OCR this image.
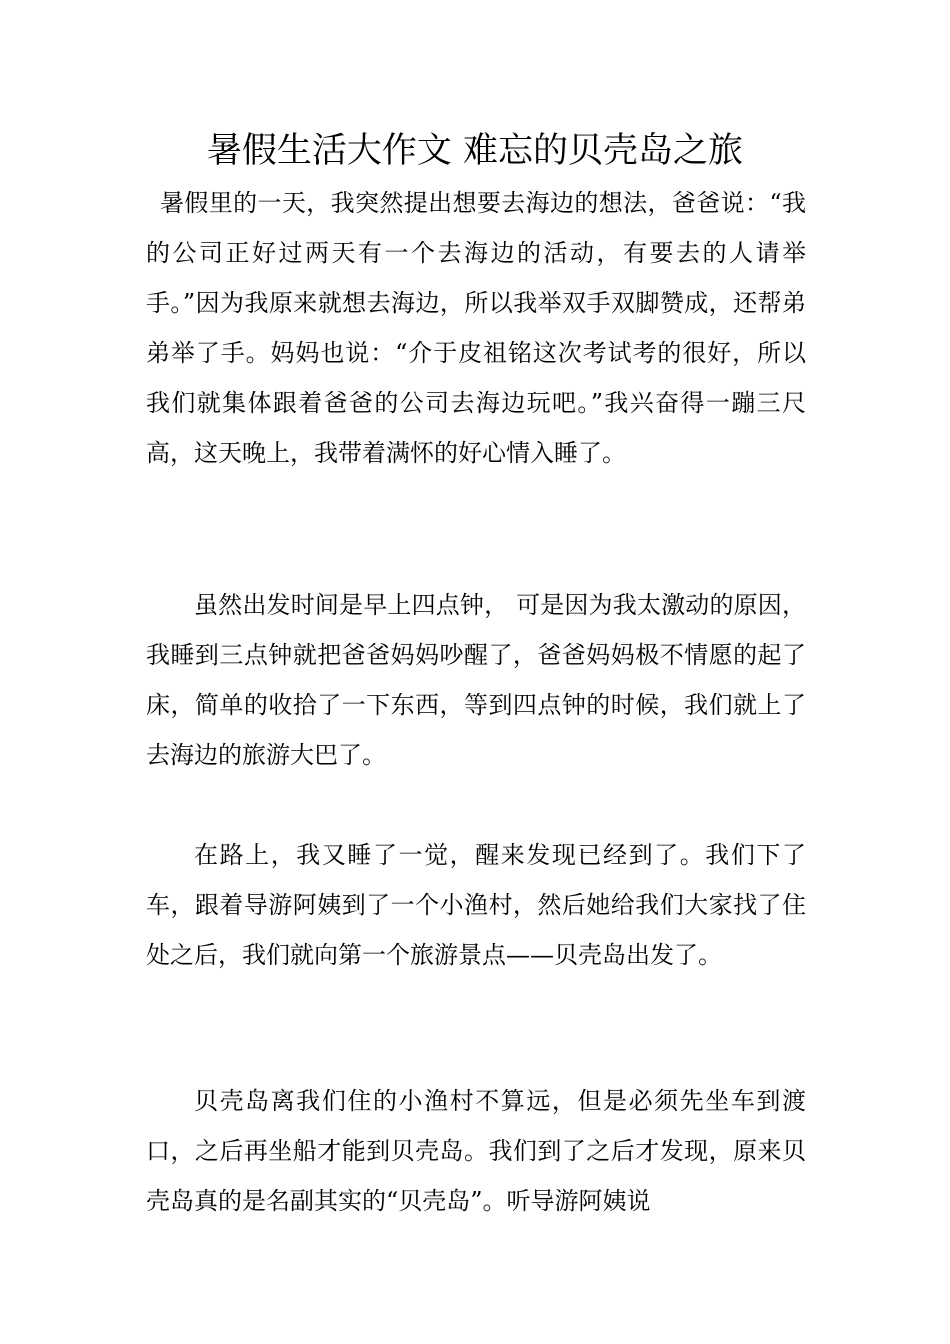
暑假生活大作文 难忘的贝壳岛之旅
暑假里的一天，我突然提出想要去海边的想法，爸爸说：“我的公司正好过两天有一个去海边的活动，有要去的人请举手。”因为我原来就想去海边，所以我举双手双脚赞成，还帮弟弟举了手。妈妈也说：“介于皮祖铭这次考试考的很好，所以我们就集体跟着爸爸的公司去海边玩吧。”我兴奋得一蹦三尺高，这天晚上，我带着满怀的好心情入睡了。
虽然出发时间是早上四点钟， 可是因为我太激动的原因，我睡到三点钟就把爸爸妈妈吵醒了，爸爸妈妈极不情愿的起了床，简单的收拾了一下东西，等到四点钟的时候，我们就上了去海边的旅游大巴了。
在路上，我又睡了一觉，醒来发现已经到了。我们下了车，跟着导游阿姨到了一个小渔村，然后她给我们大家找了住处之后，我们就向第一个旅游景点——贝壳岛出发了。
贝壳岛离我们住的小渔村不算远，但是必须先坐车到渡口，之后再坐船才能到贝壳岛。我们到了之后才发现，原来贝壳岛真的是名副其实的“贝壳岛”。听导游阿姨说
